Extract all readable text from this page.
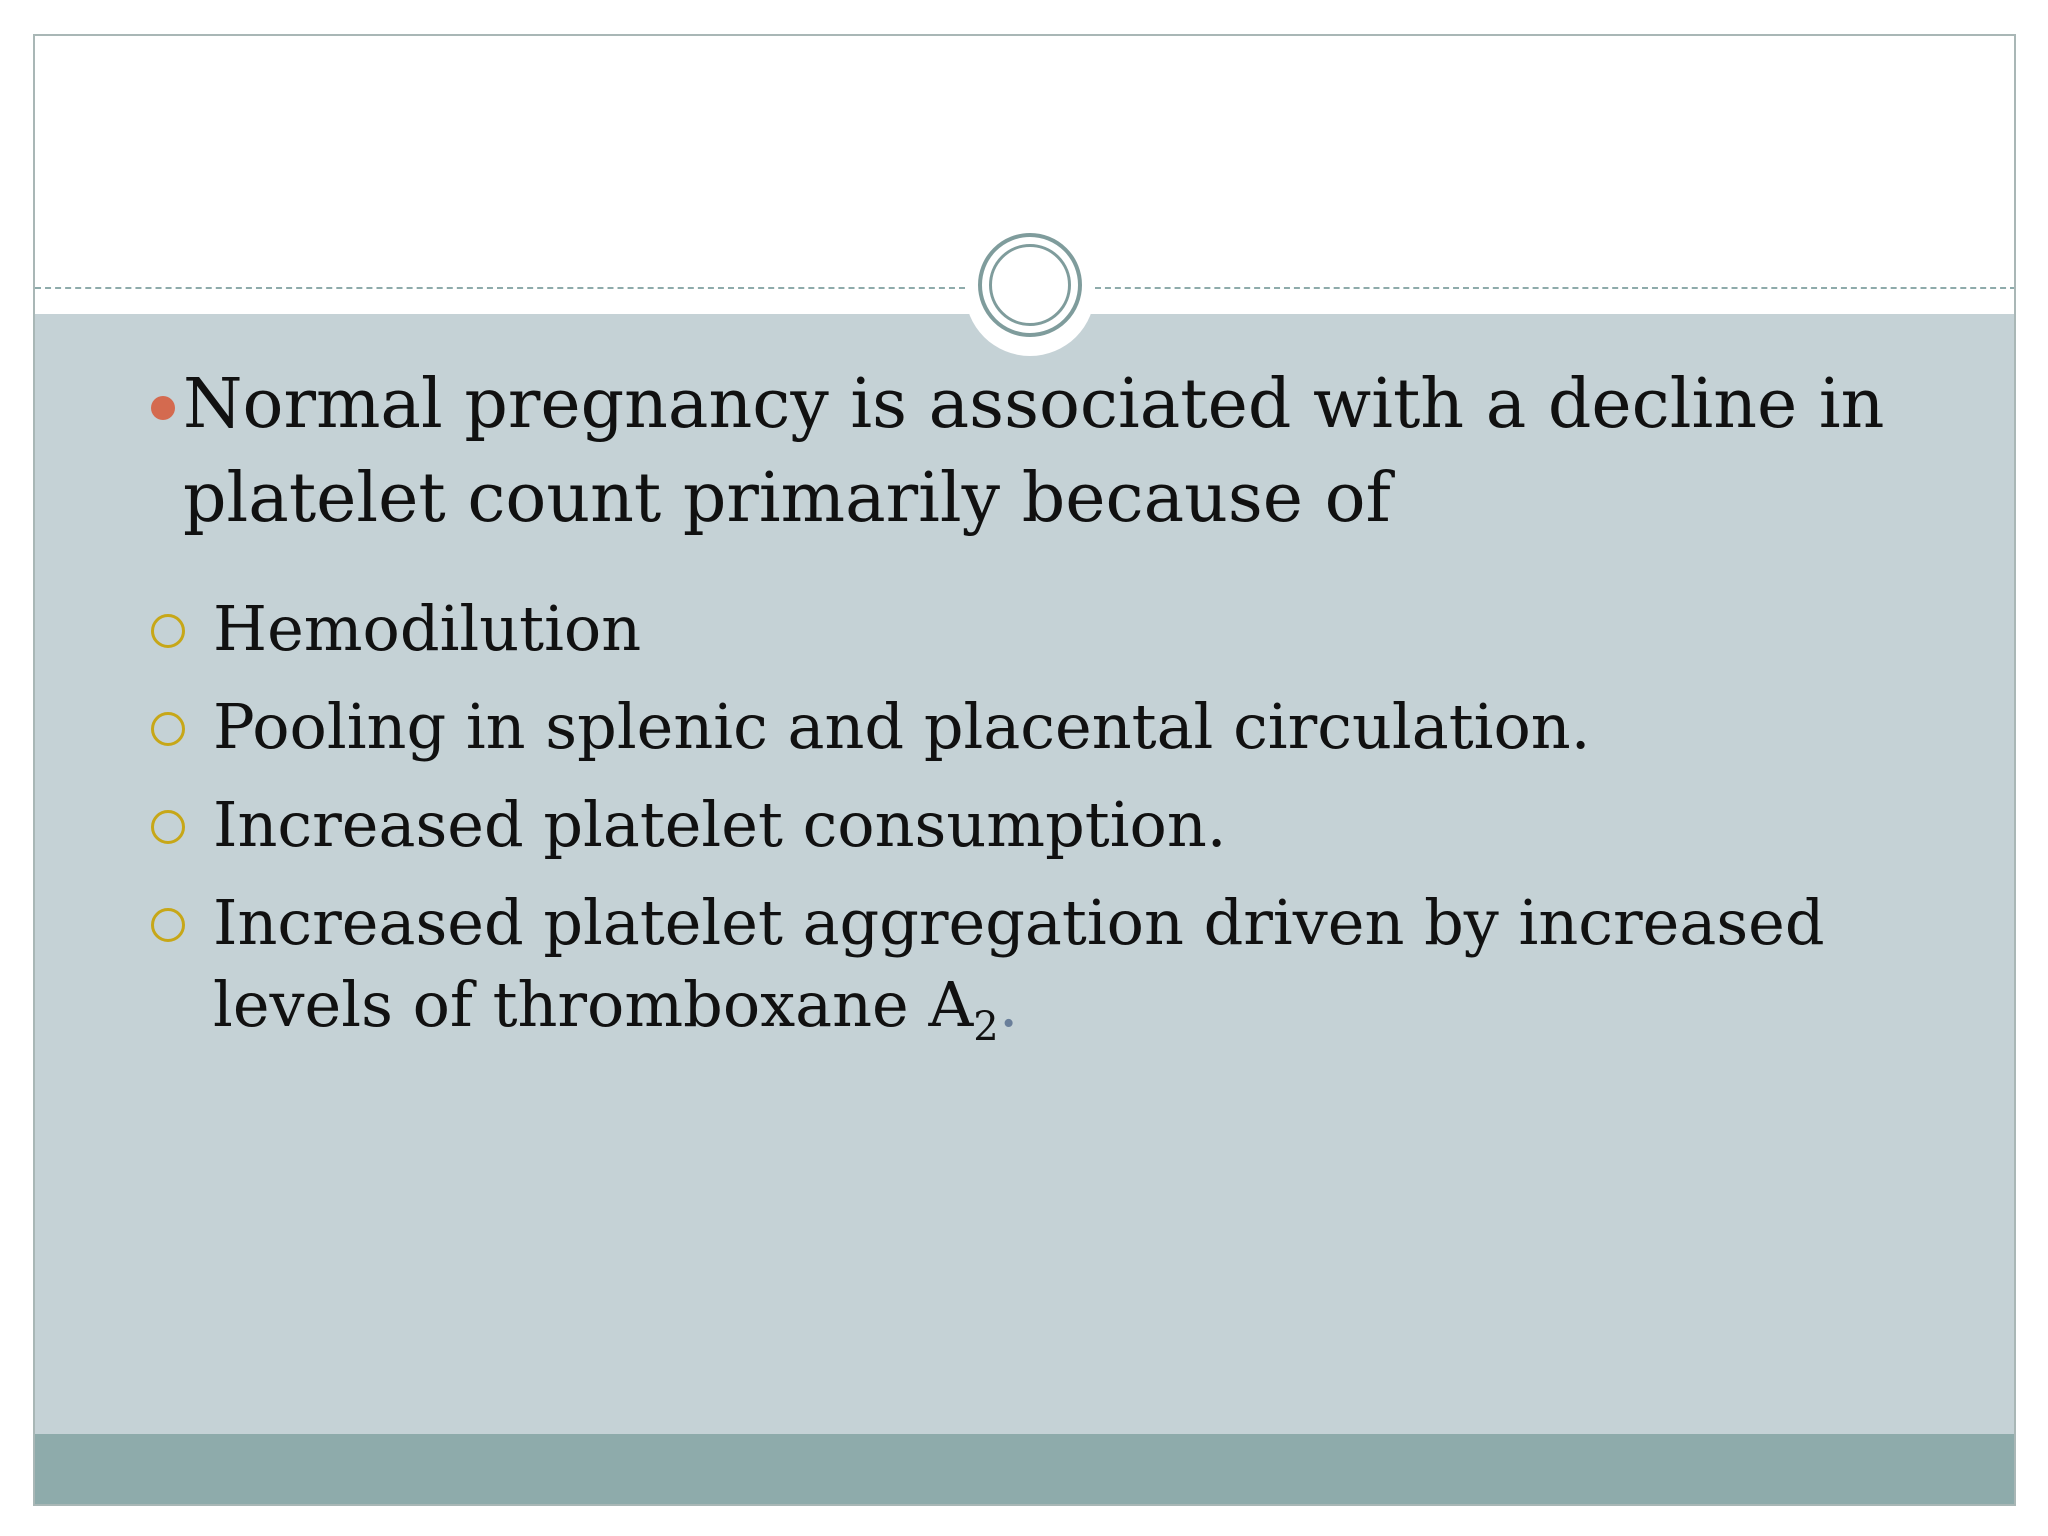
Normal pregnancy is associated with a decline in platelet count primarily because of
Hemodilution
Pooling in splenic and placental circulation.
Increased platelet consumption.
Increased platelet aggregation driven by increased levels of thromboxane $A_2$.
